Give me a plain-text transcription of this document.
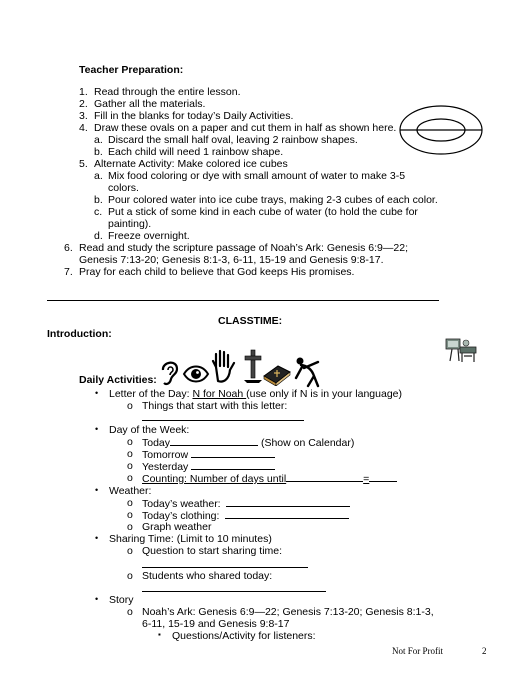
Teacher Preparation:
1. Read through the entire lesson.
2. Gather all the materials.
3. Fill in the blanks for today’s Daily Activities.
4. Draw these ovals on a paper and cut them in half as shown here.
a. Discard the small half oval, leaving 2 rainbow shapes.
b. Each child will need 1 rainbow shape.
5. Alternate Activity: Make colored ice cubes
a. Mix food coloring or dye with small amount of water to make 3-5
colors.
b. Pour colored water into ice cube trays, making 2-3 cubes of each color.
c. Put a stick of some kind in each cube of water (to hold the cube for
painting).
d. Freeze overnight.
6. Read and study the scripture passage of Noah’s Ark: Genesis 6:9—22;
Genesis 7:13-20; Genesis 8:1-3, 6-11, 15-19 and Genesis 9:8-17.
7. Pray for each child to believe that God keeps His promises.
CLASSTIME:
Introduction:
Daily Activities:
• Letter of the Day: N for Noah (use only if N is in your language)
o Things that start with this letter:
• Day of the Week:
o Today	(Show on Calendar)
o Tomorrow
o Yesterday
o Counting: Number of days until	=
• Weather:
o Today’s weather:
o Today’s clothing:
o Graph weather
• Sharing Time: (Limit to 10 minutes)
o Question to start sharing time:
o Students who shared today:
• Story
o Noah’s Ark: Genesis 6:9—22; Genesis 7:13-20; Genesis 8:1-3,
6-11, 15-19 and Genesis 9:8-17
▪ Questions/Activity for listeners:
Not For Profit	2
